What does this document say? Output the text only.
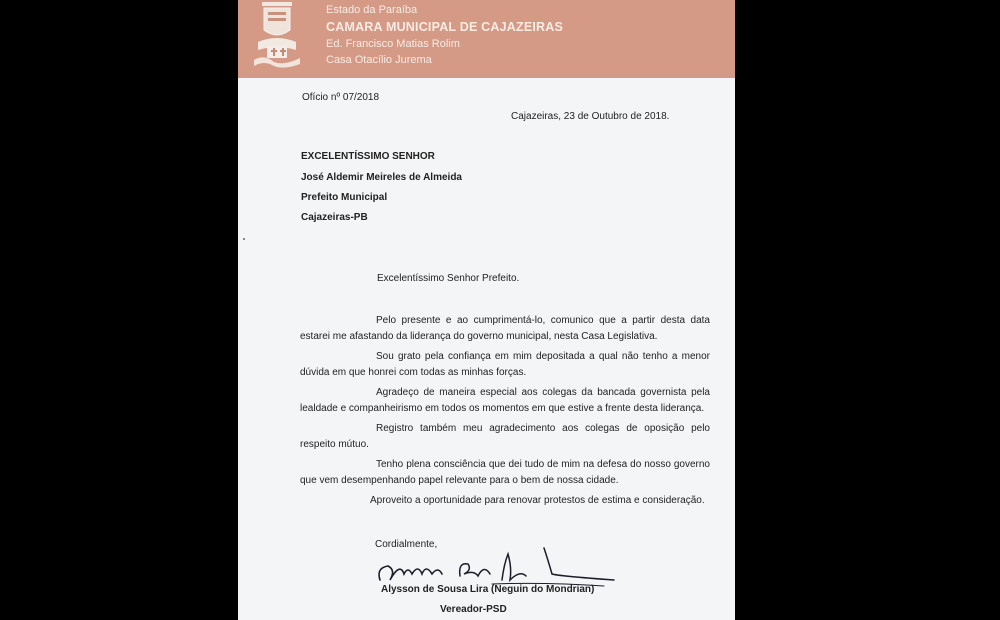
Estado da Paraíba
CAMARA MUNICIPAL DE CAJAZEIRAS
Ed. Francisco Matias Rolim
Casa Otacílio Jurema
Ofício nº 07/2018
Cajazeiras, 23 de Outubro de 2018.
EXCELENTÍSSIMO SENHOR
José Aldemir Meireles de Almeida
Prefeito Municipal
Cajazeiras-PB
Excelentíssimo Senhor Prefeito.
Pelo presente e ao cumprimentá-lo, comunico que a partir desta data
estarei me afastando da liderança do governo municipal, nesta Casa Legislativa.
Sou grato pela confiança em mim depositada a qual não tenho a menor
dúvida em que honrei com todas as minhas forças.
Agradeço de maneira especial aos colegas da bancada governista pela
lealdade e companheirismo em todos os momentos em que estive a frente desta liderança.
Registro também meu agradecimento aos colegas de oposição pelo
respeito mútuo.
Tenho plena consciência que dei tudo de mim na defesa do nosso governo
que vem desempenhando papel relevante para o bem de nossa cidade.
Aproveito a oportunidade para renovar protestos de estima e consideração.
Cordialmente,
Alysson de Sousa Lira (Neguin do Mondrian)
Vereador-PSD
